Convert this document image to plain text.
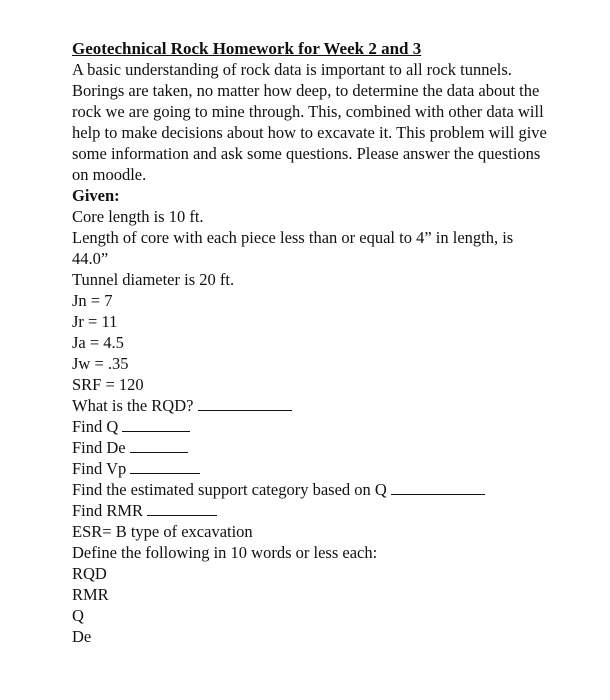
Geotechnical Rock Homework for Week 2 and 3

A basic understanding of rock data is important to all rock tunnels. Borings are taken, no matter how deep, to determine the data about the rock we are going to mine through. This, combined with other data will help to make decisions about how to excavate it. This problem will give some information and ask some questions. Please answer the questions on moodle.

Given:
Core length is 10 ft.
Length of core with each piece less than or equal to 4” in length, is 44.0”
Tunnel diameter is 20 ft.
Jn = 7
Jr = 11
Ja = 4.5
Jw = .35
SRF = 120
What is the RQD?
Find Q
Find De
Find Vp
Find the estimated support category based on Q
Find RMR
ESR= B type of excavation
Define the following in 10 words or less each:
RQD
RMR
Q
De
